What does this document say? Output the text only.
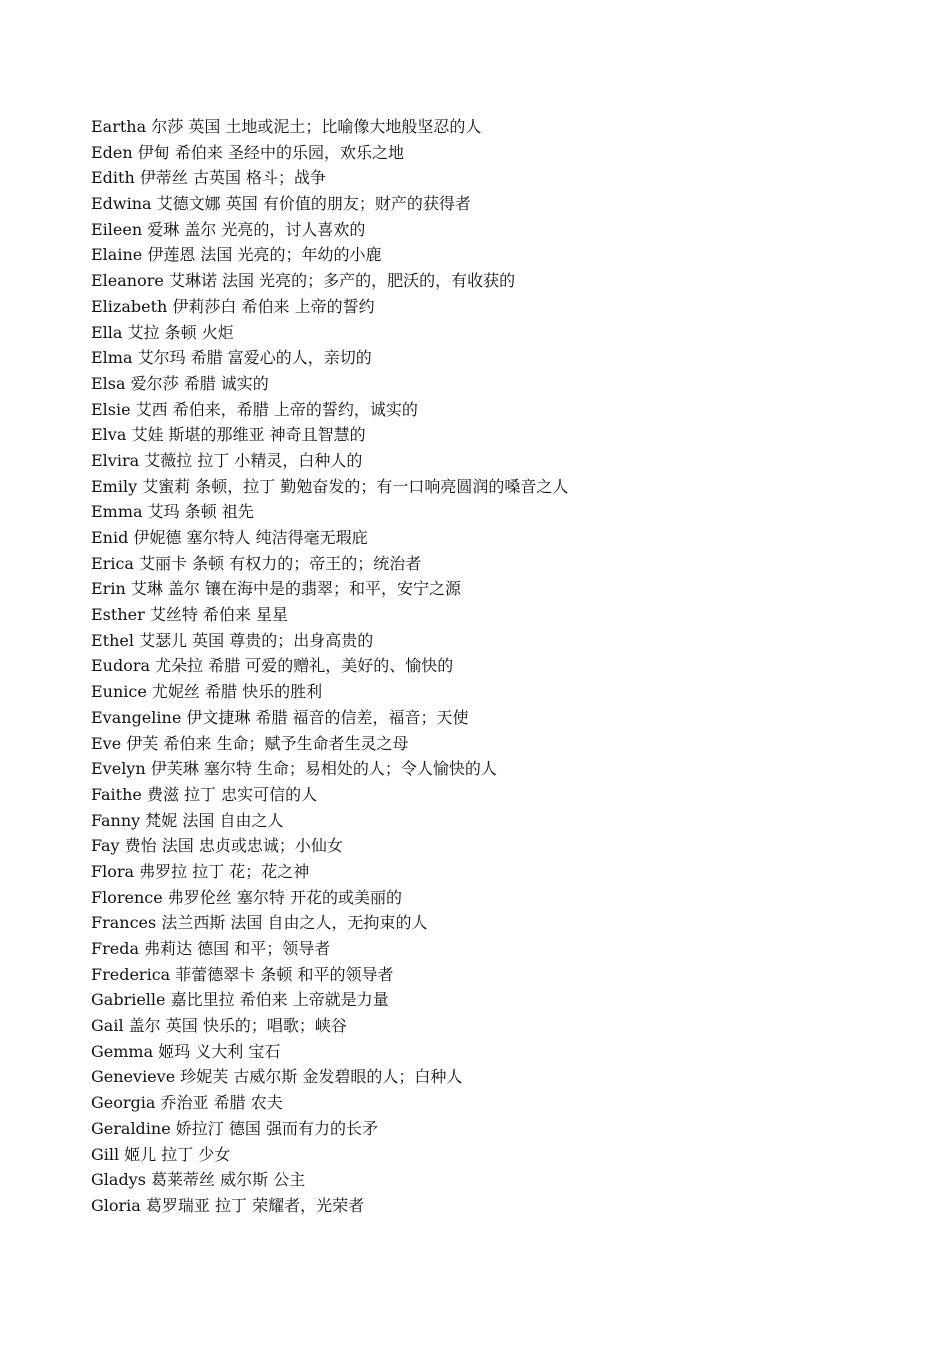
Eartha 尔莎 英国 土地或泥土；比喻像大地般坚忍的人
Eden 伊甸 希伯来 圣经中的乐园，欢乐之地
Edith 伊蒂丝 古英国 格斗；战争
Edwina 艾德文娜 英国 有价值的朋友；财产的获得者
Eileen 爱琳 盖尔 光亮的，讨人喜欢的
Elaine 伊莲恩 法国 光亮的；年幼的小鹿
Eleanore 艾琳诺 法国 光亮的；多产的，肥沃的，有收获的
Elizabeth 伊莉莎白 希伯来 上帝的誓约
Ella 艾拉 条顿 火炬
Elma 艾尔玛 希腊 富爱心的人，亲切的
Elsa 爱尔莎 希腊 诚实的
Elsie 艾西 希伯来，希腊 上帝的誓约，诚实的
Elva 艾娃 斯堪的那维亚 神奇且智慧的
Elvira 艾薇拉 拉丁 小精灵，白种人的
Emily 艾蜜莉 条顿，拉丁 勤勉奋发的；有一口响亮圆润的嗓音之人
Emma 艾玛 条顿 祖先
Enid 伊妮德 塞尔特人 纯洁得毫无瑕庇
Erica 艾丽卡 条顿 有权力的；帝王的；统治者
Erin 艾琳 盖尔 镶在海中是的翡翠；和平，安宁之源
Esther 艾丝特 希伯来 星星
Ethel 艾瑟儿 英国 尊贵的；出身高贵的
Eudora 尤朵拉 希腊 可爱的赠礼，美好的、愉快的
Eunice 尤妮丝 希腊 快乐的胜利
Evangeline 伊文捷琳 希腊 福音的信差，福音；天使
Eve 伊芙 希伯来 生命；赋予生命者生灵之母
Evelyn 伊芙琳 塞尔特 生命；易相处的人；令人愉快的人
Faithe 费滋 拉丁 忠实可信的人
Fanny 梵妮 法国 自由之人
Fay 费怡 法国 忠贞或忠诚；小仙女
Flora 弗罗拉 拉丁 花；花之神
Florence 弗罗伦丝 塞尔特 开花的或美丽的
Frances 法兰西斯 法国 自由之人，无拘束的人
Freda 弗莉达 德国 和平；领导者
Frederica 菲蕾德翠卡 条顿 和平的领导者
Gabrielle 嘉比里拉 希伯来 上帝就是力量
Gail 盖尔 英国 快乐的；唱歌；峡谷
Gemma 姬玛 义大利 宝石
Genevieve 珍妮芙 古威尔斯 金发碧眼的人；白种人
Georgia 乔治亚 希腊 农夫
Geraldine 娇拉汀 德国 强而有力的长矛
Gill 姬儿 拉丁 少女
Gladys 葛莱蒂丝 威尔斯 公主
Gloria 葛罗瑞亚 拉丁 荣耀者，光荣者
